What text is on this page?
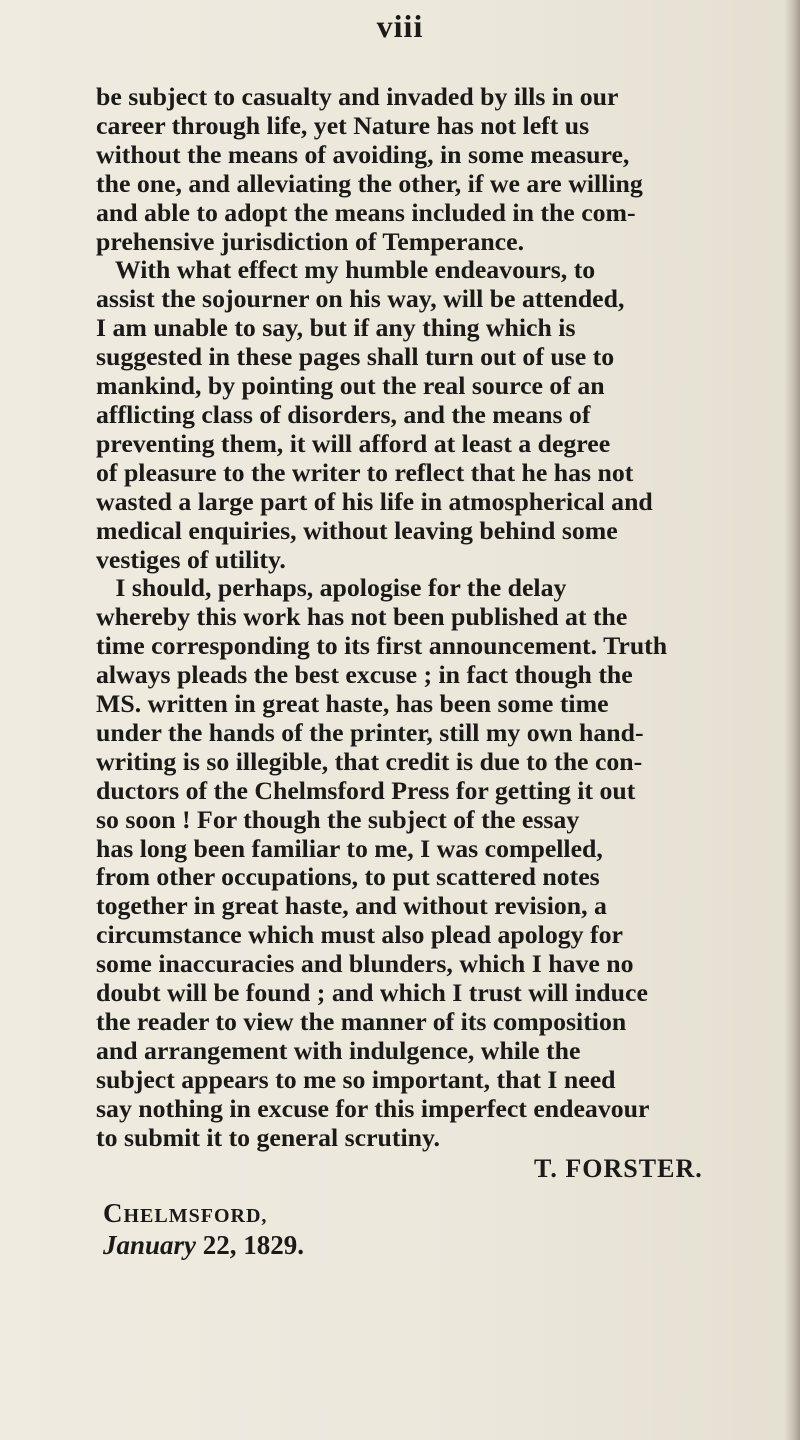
viii
be subject to casualty and invaded by ills in our
career through life, yet Nature has not left us
without the means of avoiding, in some measure,
the one, and alleviating the other, if we are willing
and able to adopt the means included in the com-
prehensive jurisdiction of Temperance.
With what effect my humble endeavours, to
assist the sojourner on his way, will be attended,
I am unable to say, but if any thing which is
suggested in these pages shall turn out of use to
mankind, by pointing out the real source of an
afflicting class of disorders, and the means of
preventing them, it will afford at least a degree
of pleasure to the writer to reflect that he has not
wasted a large part of his life in atmospherical and
medical enquiries, without leaving behind some
vestiges of utility.
I should, perhaps, apologise for the delay
whereby this work has not been published at the
time corresponding to its first announcement. Truth
always pleads the best excuse ; in fact though the
MS. written in great haste, has been some time
under the hands of the printer, still my own hand-
writing is so illegible, that credit is due to the con-
ductors of the Chelmsford Press for getting it out
so soon ! For though the subject of the essay
has long been familiar to me, I was compelled,
from other occupations, to put scattered notes
together in great haste, and without revision, a
circumstance which must also plead apology for
some inaccuracies and blunders, which I have no
doubt will be found ; and which I trust will induce
the reader to view the manner of its composition
and arrangement with indulgence, while the
subject appears to me so important, that I need
say nothing in excuse for this imperfect endeavour
to submit it to general scrutiny.
T. FORSTER.
CHELMSFORD,
January 22, 1829.
